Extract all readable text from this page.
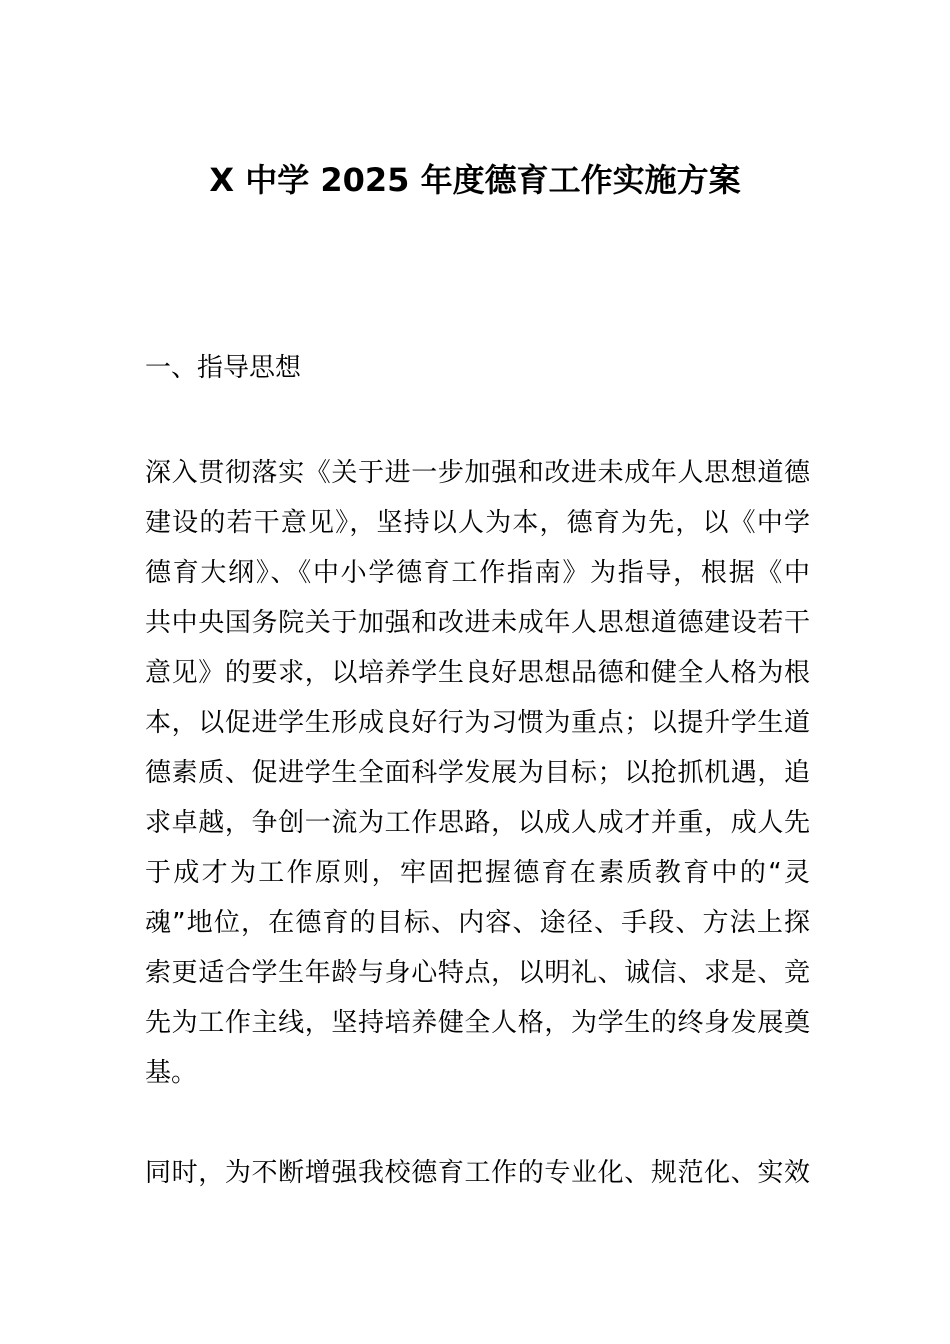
X 中学 2025 年度德育工作实施方案
一、指导思想
深入贯彻落实《关于进一步加强和改进未成年人思想道德
建设的若干意见》，坚持以人为本，德育为先，以《中学
德育大纲》、《中小学德育工作指南》为指导，根据《中
共中央国务院关于加强和改进未成年人思想道德建设若干
意见》的要求，以培养学生良好思想品德和健全人格为根
本，以促进学生形成良好行为习惯为重点；以提升学生道
德素质、促进学生全面科学发展为目标；以抢抓机遇，追
求卓越，争创一流为工作思路，以成人成才并重，成人先
于成才为工作原则，牢固把握德育在素质教育中的“灵
魂”地位，在德育的目标、内容、途径、手段、方法上探
索更适合学生年龄与身心特点，以明礼、诚信、求是、竞
先为工作主线，坚持培养健全人格，为学生的终身发展奠
基。
同时，为不断增强我校德育工作的专业化、规范化、实效
